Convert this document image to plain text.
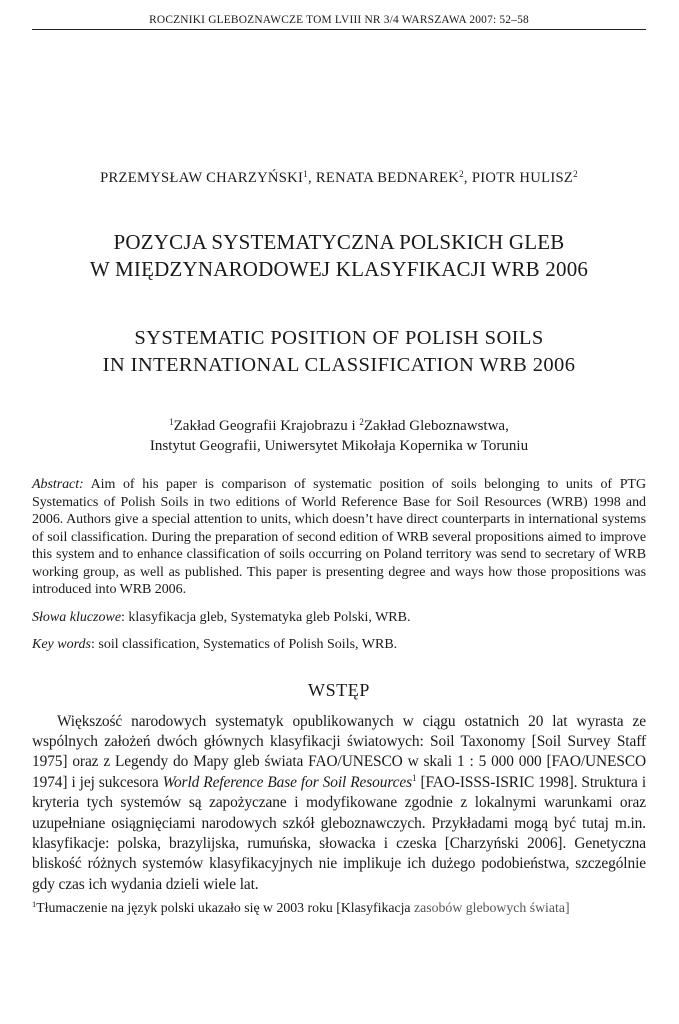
ROCZNIKI GLEBOZNAWCZE TOM LVIII NR 3/4 WARSZAWA 2007: 52–58
PRZEMYSŁAW CHARZYŃSKI$^1$, RENATA BEDNAREK$^2$, PIOTR HULISZ$^2$
POZYCJA SYSTEMATYCZNA POLSKICH GLEB
W MIĘDZYNARODOWEJ KLASYFIKACJI WRB 2006
SYSTEMATIC POSITION OF POLISH SOILS
IN INTERNATIONAL CLASSIFICATION WRB 2006
$^1$Zakład Geografii Krajobrazu i $^2$Zakład Gleboznawstwa,
Instytut Geografii, Uniwersytet Mikołaja Kopernika w Toruniu
Abstract: Aim of his paper is comparison of systematic position of soils belonging to units of PTG Systematics of Polish Soils in two editions of World Reference Base for Soil Resources (WRB) 1998 and 2006. Authors give a special attention to units, which doesn’t have direct counterparts in international systems of soil classification. During the preparation of second edition of WRB several propositions aimed to improve this system and to enhance classification of soils occurring on Poland territory was send to secretary of WRB working group, as well as published. This paper is presenting degree and ways how those propositions was introduced into WRB 2006.
Słowa kluczowe: klasyfikacja gleb, Systematyka gleb Polski, WRB.
Key words: soil classification, Systematics of Polish Soils, WRB.
WSTĘP
Większość narodowych systematyk opublikowanych w ciągu ostatnich 20 lat wyrasta ze wspólnych założeń dwóch głównych klasyfikacji światowych: Soil Taxonomy [Soil Survey Staff 1975] oraz z Legendy do Mapy gleb świata FAO/UNESCO w skali 1 : 5 000 000 [FAO/UNESCO 1974] i jej sukcesora World Reference Base for Soil Resources$^1$ [FAO-ISSS-ISRIC 1998]. Struktura i kryteria tych systemów są zapożyczane i modyfikowane zgodnie z lokalnymi warunkami oraz uzupełniane osiągnięciami narodowych szkół gleboznawczych. Przykładami mogą być tutaj m.in. klasyfikacje: polska, brazylijska, rumuńska, słowacka i czeska [Charzyński 2006]. Genetyczna bliskość różnych systemów klasyfikacyjnych nie implikuje ich dużego podobieństwa, szczególnie gdy czas ich wydania dzieli wiele lat.
$^1$Tłumaczenie na język polski ukazało się w 2003 roku [Klasyfikacja zasobów glebowych świata]
